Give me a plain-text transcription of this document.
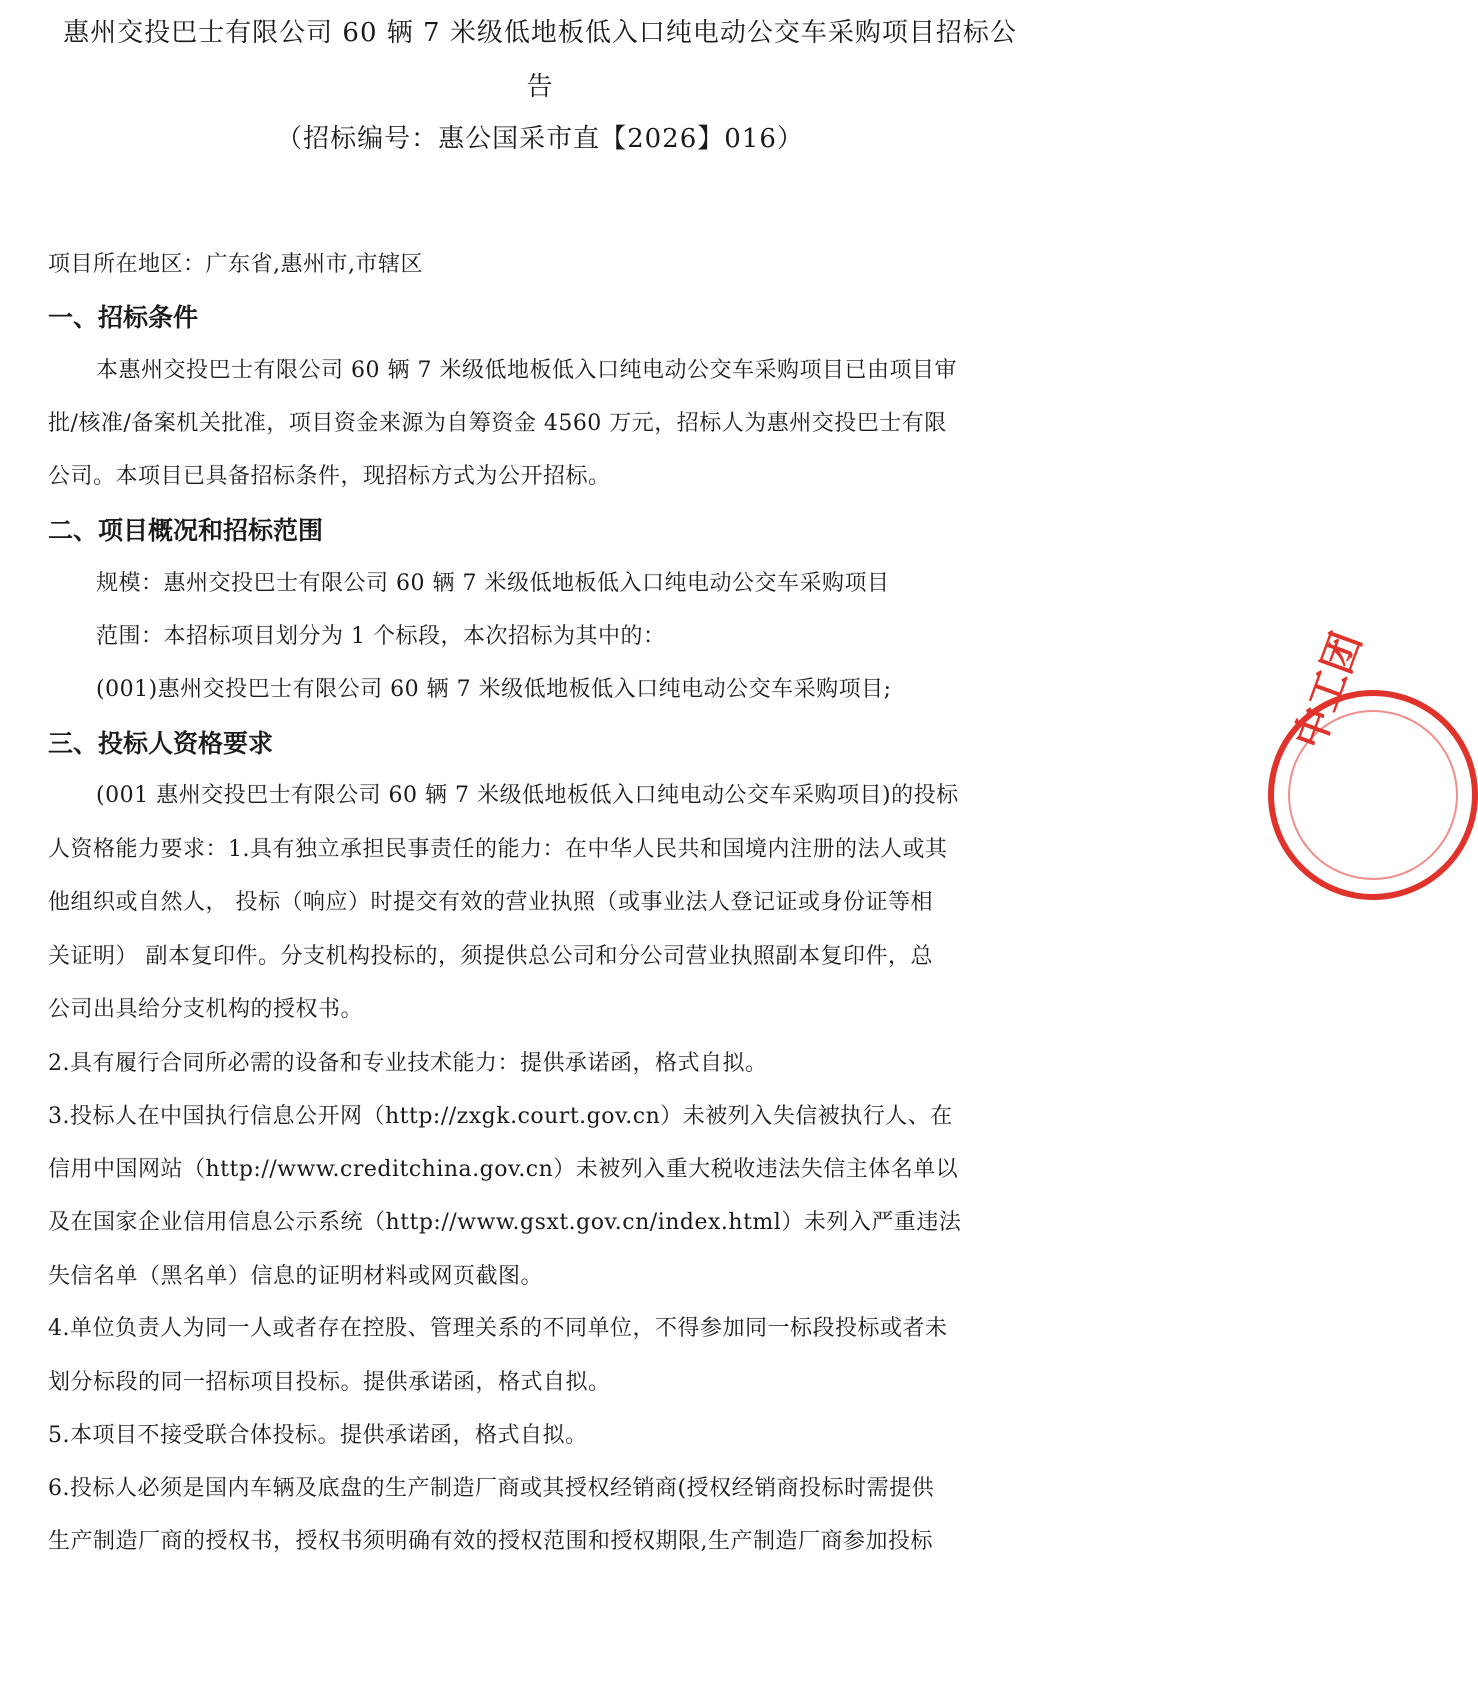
惠州交投巴士有限公司 60 辆 7 米级低地板低入口纯电动公交车采购项目招标公
告
（招标编号：惠公国采市直【2026】016）
项目所在地区：广东省,惠州市,市辖区
一、招标条件
本惠州交投巴士有限公司 60 辆 7 米级低地板低入口纯电动公交车采购项目已由项目审
批/核准/备案机关批准，项目资金来源为自筹资金 4560 万元，招标人为惠州交投巴士有限
公司。本项目已具备招标条件，现招标方式为公开招标。
二、项目概况和招标范围
规模：惠州交投巴士有限公司 60 辆 7 米级低地板低入口纯电动公交车采购项目
范围：本招标项目划分为 1 个标段，本次招标为其中的：
(001)惠州交投巴士有限公司 60 辆 7 米级低地板低入口纯电动公交车采购项目;
三、投标人资格要求
(001 惠州交投巴士有限公司 60 辆 7 米级低地板低入口纯电动公交车采购项目)的投标
人资格能力要求：1.具有独立承担民事责任的能力：在中华人民共和国境内注册的法人或其
他组织或自然人， 投标（响应）时提交有效的营业执照（或事业法人登记证或身份证等相
关证明） 副本复印件。分支机构投标的，须提供总公司和分公司营业执照副本复印件，总
公司出具给分支机构的授权书。
2.具有履行合同所必需的设备和专业技术能力：提供承诺函，格式自拟。
3.投标人在中国执行信息公开网（http://zxgk.court.gov.cn）未被列入失信被执行人、在
信用中国网站（http://www.creditchina.gov.cn）未被列入重大税收违法失信主体名单以
及在国家企业信用信息公示系统（http://www.gsxt.gov.cn/index.html）未列入严重违法
失信名单（黑名单）信息的证明材料或网页截图。
4.单位负责人为同一人或者存在控股、管理关系的不同单位，不得参加同一标段投标或者未
划分标段的同一招标项目投标。提供承诺函，格式自拟。
5.本项目不接受联合体投标。提供承诺函，格式自拟。
6.投标人必须是国内车辆及底盘的生产制造厂商或其授权经销商(授权经销商投标时需提供
生产制造厂商的授权书，授权书须明确有效的授权范围和授权期限,生产制造厂商参加投标
中工团
